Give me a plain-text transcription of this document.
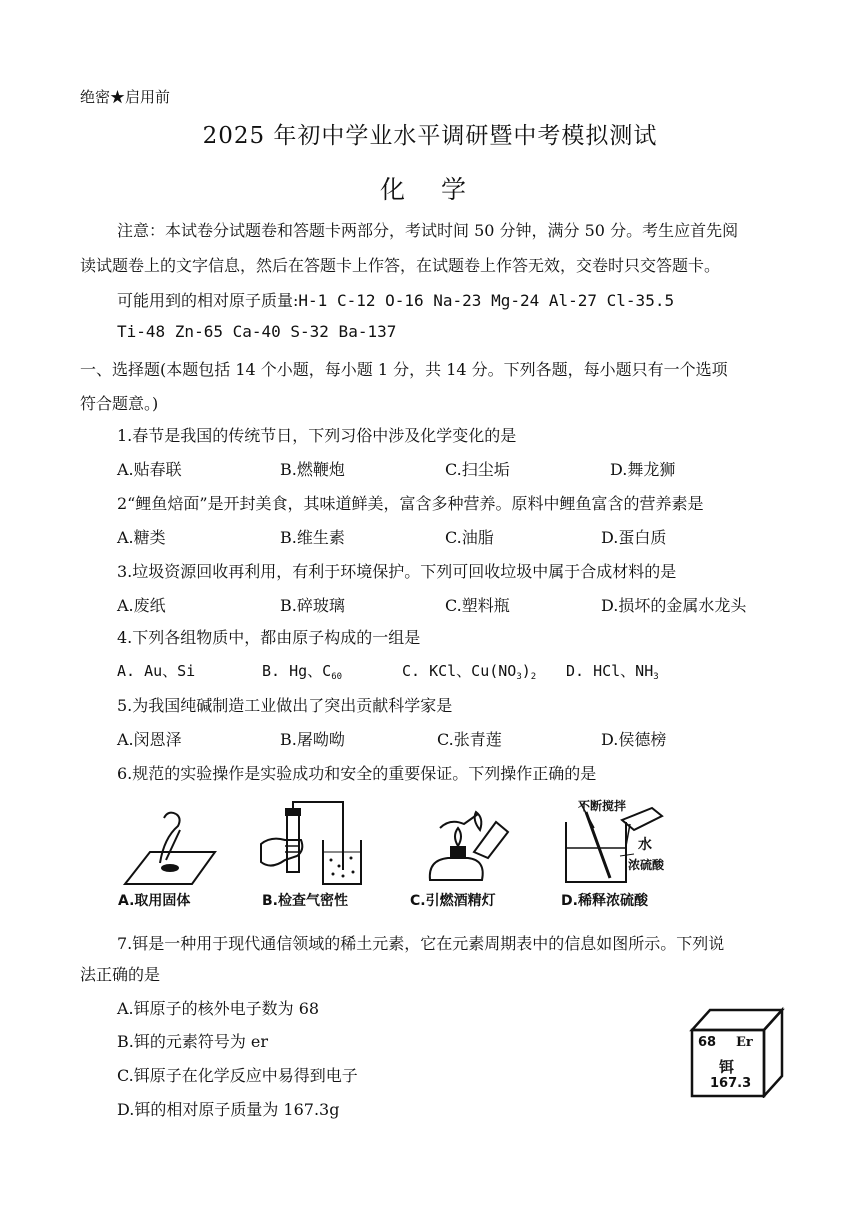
绝密★启用前
2025 年初中学业水平调研暨中考模拟测试
化 学
注意：本试卷分试题卷和答题卡两部分，考试时间 50 分钟，满分 50 分。考生应首先阅
读试题卷上的文字信息，然后在答题卡上作答，在试题卷上作答无效，交卷时只交答题卡。
可能用到的相对原子质量:H-1 C-12 O-16 Na-23 Mg-24 Al-27 Cl-35.5
Ti-48 Zn-65 Ca-40 S-32 Ba-137
一、选择题(本题包括 14 个小题，每小题 1 分，共 14 分。下列各题，每小题只有一个选项
符合题意。)
1.春节是我国的传统节日，下列习俗中涉及化学变化的是
A.贴春联	B.燃鞭炮	C.扫尘垢	D.舞龙狮
2“鲤鱼焙面”是开封美食，其味道鲜美，富含多种营养。原料中鲤鱼富含的营养素是
A.糖类	B.维生素	C.油脂	D.蛋白质
3.垃圾资源回收再利用，有利于环境保护。下列可回收垃圾中属于合成材料的是
A.废纸	B.碎玻璃	C.塑料瓶	D.损坏的金属水龙头
4.下列各组物质中，都由原子构成的一组是
A. Au、Si	B. Hg、$C_{60}$	C. KCl、$Cu(NO_3)_2$ D. HCl、$NH_3$
5.为我国纯碱制造工业做出了突出贡献科学家是
A.闵恩泽	B.屠呦呦	C.张青莲	D.侯德榜
6.规范的实验操作是实验成功和安全的重要保证。下列操作正确的是
A.取用固体	B.检查气密性	C.引燃酒精灯
不断搅拌
水
浓硫酸
D.稀释浓硫酸
7.铒是一种用于现代通信领域的稀土元素，它在元素周期表中的信息如图所示。下列说
法正确的是
A.铒原子的核外电子数为 68
B.铒的元素符号为 er
C.铒原子在化学反应中易得到电子
D.铒的相对原子质量为 167.3g
68 Er
铒
167.3
